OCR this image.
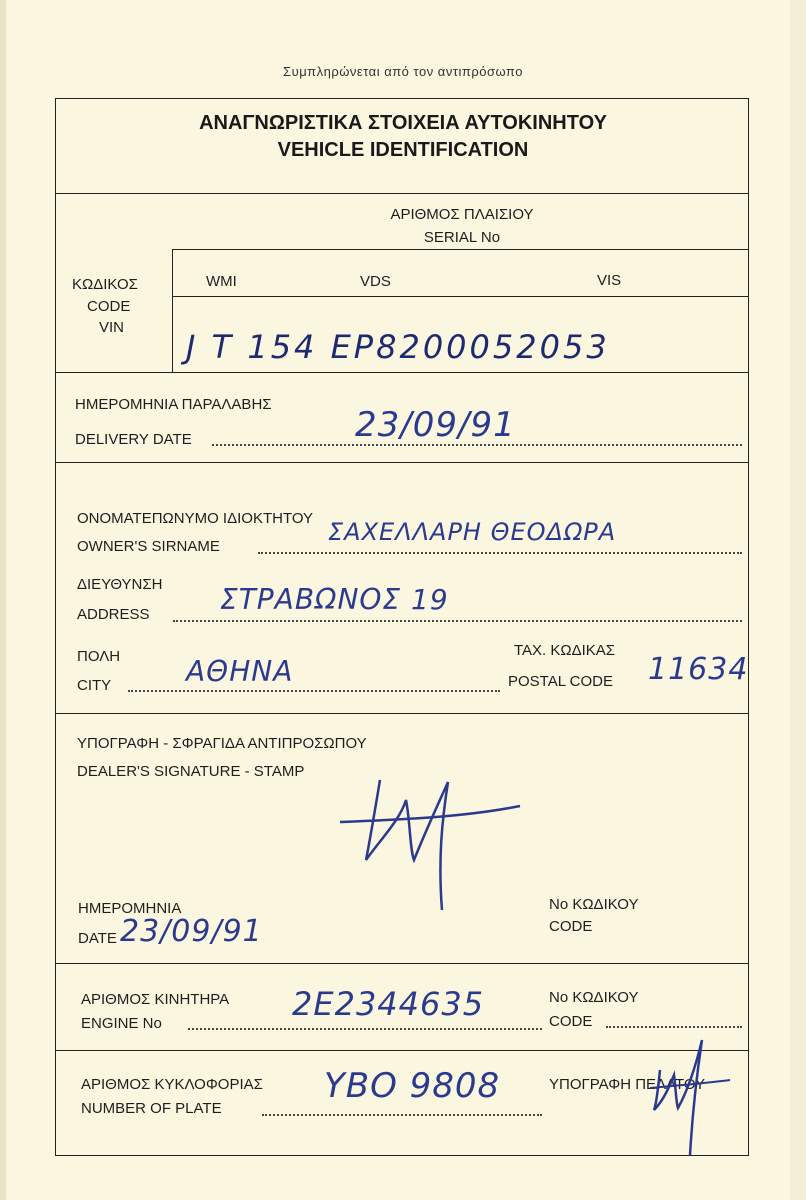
Συμπληρώνεται από τον αντιπρόσωπο
ΑΝΑΓΝΩΡΙΣΤΙΚΑ ΣΤΟΙΧΕΙΑ ΑΥΤΟΚΙΝΗΤΟΥ
VEHICLE IDENTIFICATION
ΑΡΙΘΜΟΣ ΠΛΑΙΣΙΟΥ
SERIAL No
ΚΩΔΙΚΟΣ
CODE
VIN
WMI	VDS	VIS
J T 154 EP8200052053
ΗΜΕΡΟΜΗΝΙΑ ΠΑΡΑΛΑΒΗΣ
DELIVERY DATE	23/09/91
ΟΝΟΜΑΤΕΠΩΝΥΜΟ ΙΔΙΟΚΤΗΤΟΥ
OWNER'S SIRNAME
ΣΑΧΕΛΛΑΡΗ ΘΕΟΔΩΡΑ
ΔΙΕΥΘΥΝΣΗ
ADDRESS	ΣΤΡΑΒΩΝΟΣ 19
ΠΟΛΗ
CITY	ΑΘΗΝΑ
ΤΑΧ. ΚΩΔΙΚΑΣ
POSTAL CODE 11634
ΥΠΟΓΡΑΦΗ - ΣΦΡΑΓΙΔΑ ΑΝΤΙΠΡΟΣΩΠΟΥ
DEALER'S SIGNATURE - STAMP
ΗΜΕΡΟΜΗΝΙΑ
DATE 23/09/91
No ΚΩΔΙΚΟΥ
CODE
ΑΡΙΘΜΟΣ ΚΙΝΗΤΗΡΑ
ENGINE No
2E2344635	No ΚΩΔΙΚΟΥ
CODE
ΑΡΙΘΜΟΣ ΚΥΚΛΟΦΟΡΙΑΣ
NUMBER OF PLATE
ΥΒΟ 9808	ΥΠΟΓΡΑΦΗ ΠΕΛΑΤΟΥ
